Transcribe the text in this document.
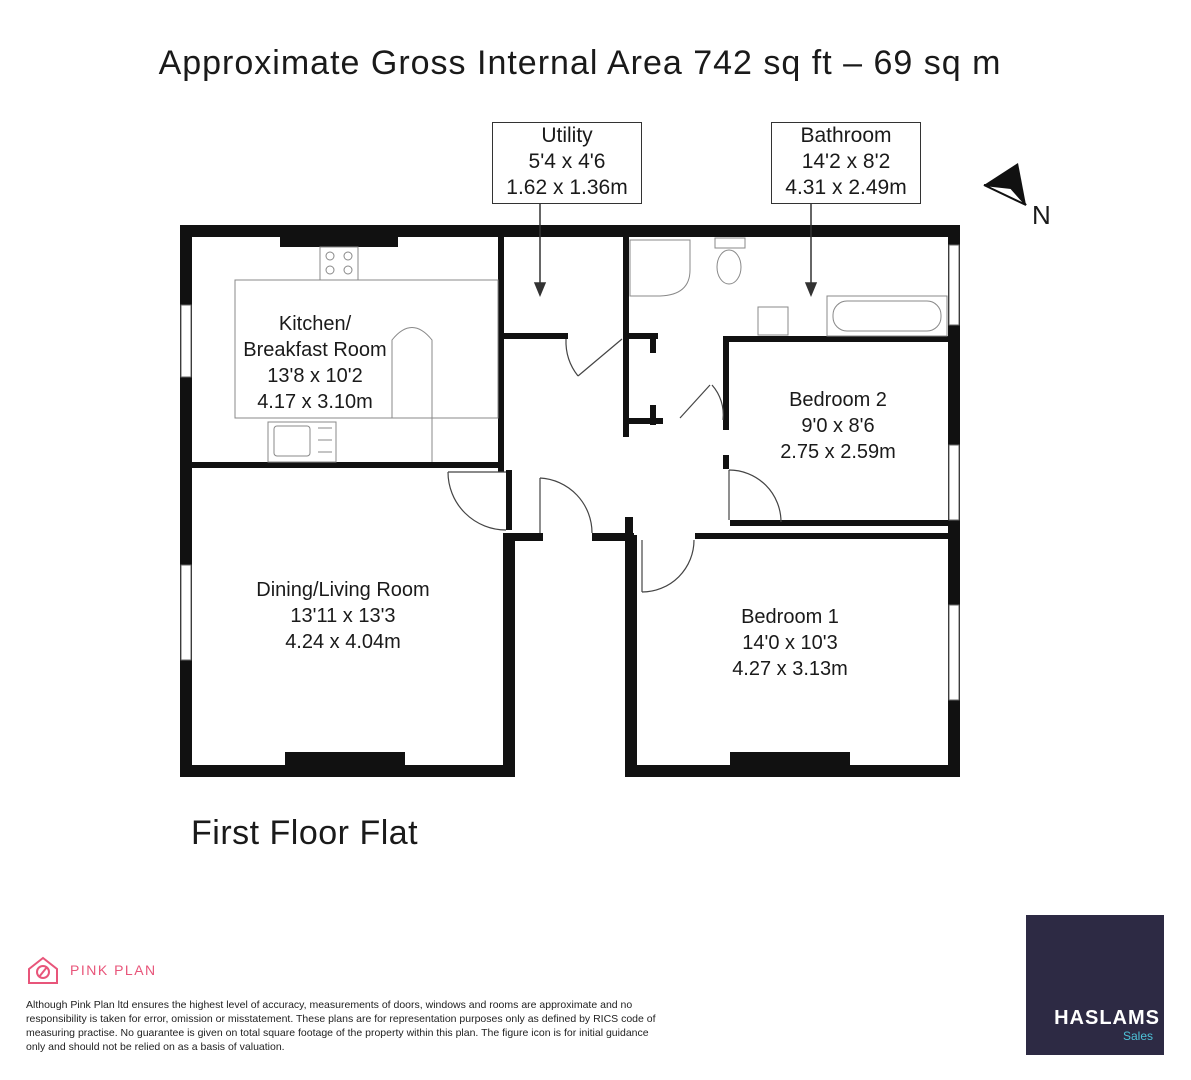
Approximate Gross Internal Area 742 sq ft – 69 sq m
Utility
5'4 x 4'6
1.62 x 1.36m
Bathroom
14'2 x 8'2
4.31 x 2.49m
N
Kitchen/
Breakfast Room
13'8 x 10'2
4.17 x 3.10m
Dining/Living Room
13'11 x 13'3
4.24 x 4.04m
Bedroom 1
14'0 x 10'3
4.27 x 3.13m
Bedroom 2
9'0 x 8'6
2.75 x 2.59m
First Floor Flat
PINK PLAN
Although Pink Plan ltd ensures the highest level of accuracy, measurements of doors, windows and rooms are approximate and no responsibility is taken for error, omission or misstatement. These plans are for representation purposes only as defined by RICS code of measuring practise. No guarantee is given on total square footage of the property within this plan. The figure icon is for initial guidance only and should not be relied on as a basis of valuation.
HASLAMS
Sales
